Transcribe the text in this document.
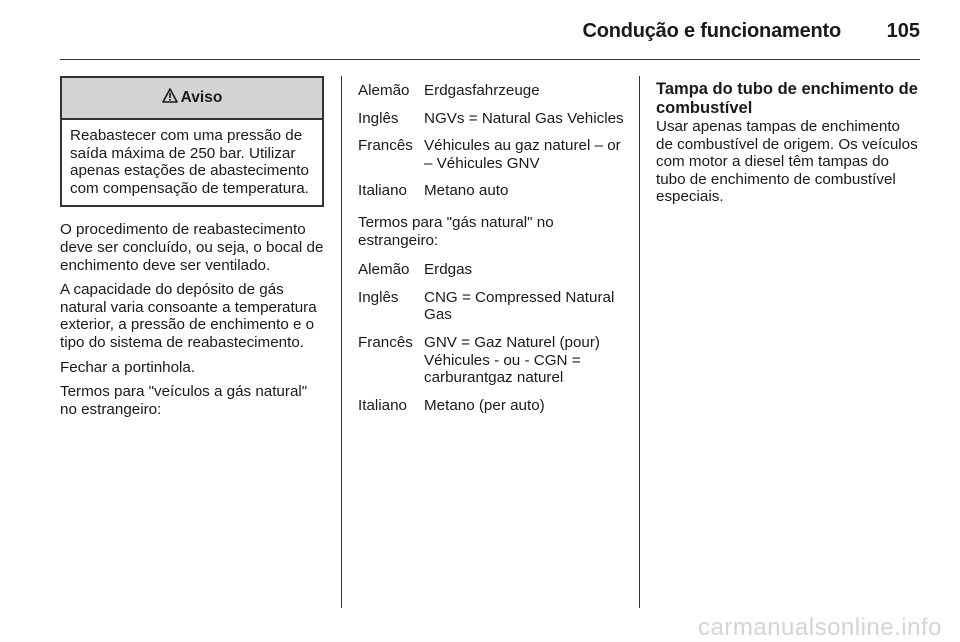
Condução e funcionamento	105
Aviso
Reabastecer com uma pressão de saída máxima de 250 bar. Utilizar apenas estações de abastecimento com compensação de temperatura.

O procedimento de reabastecimento deve ser concluído, ou seja, o bocal de enchimento deve ser ventilado.

A capacidade do depósito de gás natural varia consoante a temperatura exterior, a pressão de enchimento e o tipo do sistema de reabastecimento.

Fechar a portinhola.

Termos para "veículos a gás natural" no estrangeiro:

Alemão Erdgasfahrzeuge
Inglês	NGVs = Natural Gas Vehicles
Francês Véhicules au gaz naturel – or – Véhicules GNV
Italiano	Metano auto

Termos para "gás natural" no estrangeiro:

Alemão Erdgas
Inglês	CNG = Compressed Natural Gas
Francês GNV = Gaz Naturel (pour) Véhicules - ou - CGN = carburantgaz naturel
Italiano	Metano (per auto)
Tampa do tubo de enchimento de combustível

Usar apenas tampas de enchimento de combustível de origem. Os veículos com motor a diesel têm tampas do tubo de enchimento de combustível especiais.

carmanualsonline.info
